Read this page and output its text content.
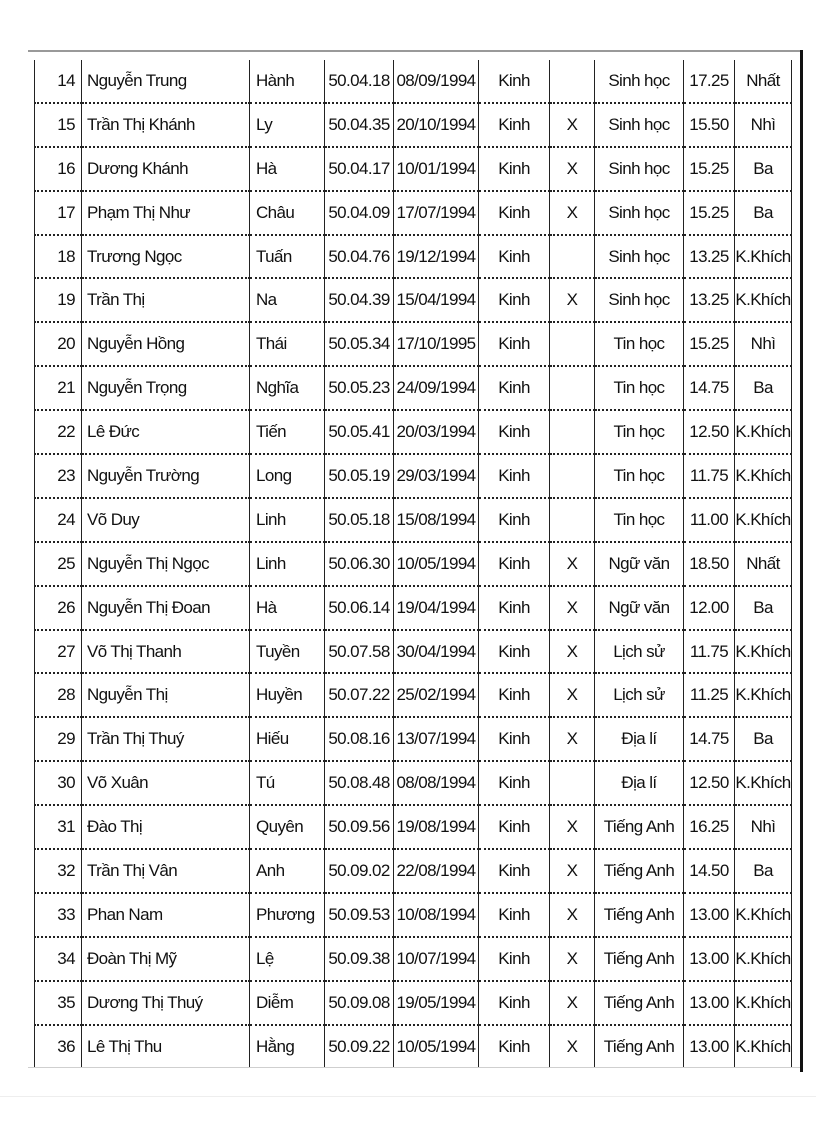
14	Nguyễn Trung	Hành	50.04.18	08/09/1994	Kinh		Sinh học	17.25	Nhất
15	Trần Thị Khánh	Ly	50.04.35	20/10/1994	Kinh	X	Sinh học	15.50	Nhì
16	Dương Khánh	Hà	50.04.17	10/01/1994	Kinh	X	Sinh học	15.25	Ba
17	Phạm Thị Như	Châu	50.04.09	17/07/1994	Kinh	X	Sinh học	15.25	Ba
18	Trương Ngọc	Tuấn	50.04.76	19/12/1994	Kinh		Sinh học	13.25	K.Khích
19	Trần Thị	Na	50.04.39	15/04/1994	Kinh	X	Sinh học	13.25	K.Khích
20	Nguyễn Hồng	Thái	50.05.34	17/10/1995	Kinh		Tin học	15.25	Nhì
21	Nguyễn Trọng	Nghĩa	50.05.23	24/09/1994	Kinh		Tin học	14.75	Ba
22	Lê Đức	Tiến	50.05.41	20/03/1994	Kinh		Tin học	12.50	K.Khích
23	Nguyễn Trường	Long	50.05.19	29/03/1994	Kinh		Tin học	11.75	K.Khích
24	Võ Duy	Linh	50.05.18	15/08/1994	Kinh		Tin học	11.00	K.Khích
25	Nguyễn Thị Ngọc	Linh	50.06.30	10/05/1994	Kinh	X	Ngữ văn	18.50	Nhất
26	Nguyễn Thị Đoan	Hà	50.06.14	19/04/1994	Kinh	X	Ngữ văn	12.00	Ba
27	Võ Thị Thanh	Tuyền	50.07.58	30/04/1994	Kinh	X	Lịch sử	11.75	K.Khích
28	Nguyễn Thị	Huyền	50.07.22	25/02/1994	Kinh	X	Lịch sử	11.25	K.Khích
29	Trần Thị Thuý	Hiếu	50.08.16	13/07/1994	Kinh	X	Địa lí	14.75	Ba
30	Võ Xuân	Tú	50.08.48	08/08/1994	Kinh		Địa lí	12.50	K.Khích
31	Đào Thị	Quyên	50.09.56	19/08/1994	Kinh	X	Tiếng Anh	16.25	Nhì
32	Trần Thị Vân	Anh	50.09.02	22/08/1994	Kinh	X	Tiếng Anh	14.50	Ba
33	Phan Nam	Phương	50.09.53	10/08/1994	Kinh	X	Tiếng Anh	13.00	K.Khích
34	Đoàn Thị Mỹ	Lệ	50.09.38	10/07/1994	Kinh	X	Tiếng Anh	13.00	K.Khích
35	Dương Thị Thuý	Diễm	50.09.08	19/05/1994	Kinh	X	Tiếng Anh	13.00	K.Khích
36	Lê Thị Thu	Hằng	50.09.22	10/05/1994	Kinh	X	Tiếng Anh	13.00	K.Khích
